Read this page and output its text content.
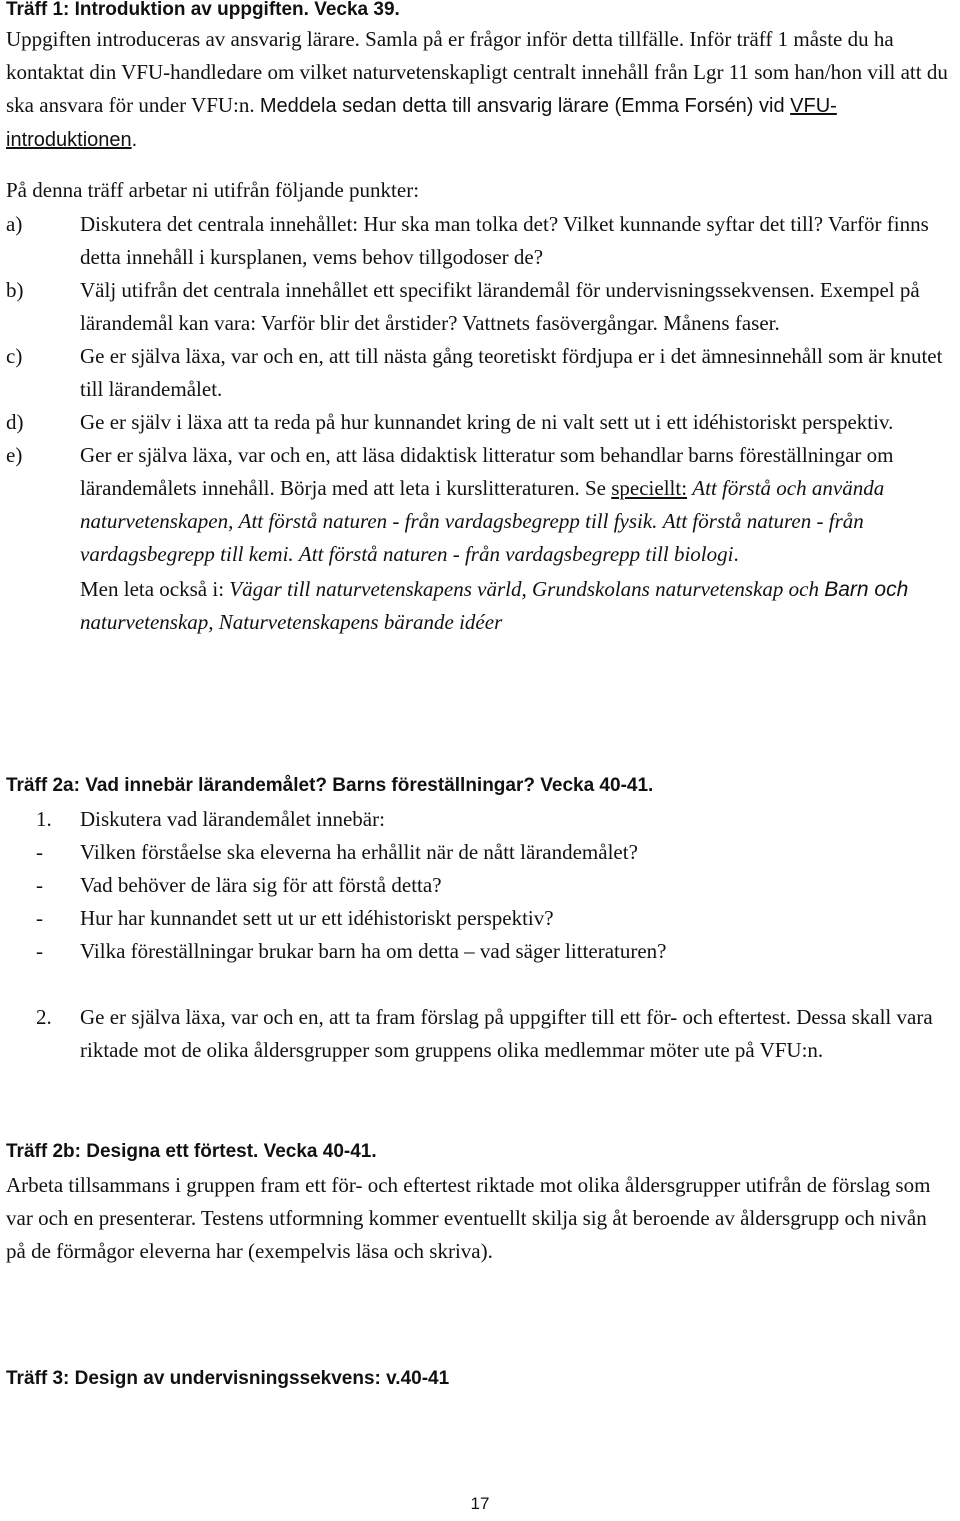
Träff 1: Introduktion av uppgiften. Vecka 39.

Uppgiften introduceras av ansvarig lärare. Samla på er frågor inför detta tillfälle. Inför träff 1 måste du ha kontaktat din VFU-handledare om vilket naturvetenskapligt centralt innehåll från Lgr 11 som han/hon vill att du ska ansvara för under VFU:n. Meddela sedan detta till ansvarig lärare (Emma Forsén) vid VFU-introduktionen.

På denna träff arbetar ni utifrån följande punkter:

a)	Diskutera det centrala innehållet: Hur ska man tolka det? Vilket kunnande syftar det till? Varför finns detta innehåll i kursplanen, vems behov tillgodoser de?
b)	Välj utifrån det centrala innehållet ett specifikt lärandemål för undervisningssekvensen. Exempel på lärandemål kan vara: Varför blir det årstider? Vattnets fasövergångar. Månens faser.
c)	Ge er själva läxa, var och en, att till nästa gång teoretiskt fördjupa er i det ämnesinnehåll som är knutet till lärandemålet.
d)	Ge er själv i läxa att ta reda på hur kunnandet kring de ni valt sett ut i ett idéhistoriskt perspektiv.
e)	Ger er själva läxa, var och en, att läsa didaktisk litteratur som behandlar barns föreställningar om lärandemålets innehåll. Börja med att leta i kurslitteraturen. Se speciellt: Att förstå och använda naturvetenskapen, Att förstå naturen - från vardagsbegrepp till fysik. Att förstå naturen - från vardagsbegrepp till kemi. Att förstå naturen - från vardagsbegrepp till biologi.
Men leta också i: Vägar till naturvetenskapens värld, Grundskolans naturvetenskap och Barn och naturvetenskap, Naturvetenskapens bärande idéer
Träff 2a: Vad innebär lärandemålet? Barns föreställningar? Vecka 40-41.
1.	Diskutera vad lärandemålet innebär:
-	Vilken förståelse ska eleverna ha erhållit när de nått lärandemålet?
-	Vad behöver de lära sig för att förstå detta?
-	Hur har kunnandet sett ut ur ett idéhistoriskt perspektiv?
-	Vilka föreställningar brukar barn ha om detta – vad säger litteraturen?
2.	Ge er själva läxa, var och en, att ta fram förslag på uppgifter till ett för- och eftertest. Dessa skall vara riktade mot de olika åldersgrupper som gruppens olika medlemmar möter ute på VFU:n.
Träff 2b: Designa ett förtest. Vecka 40-41.

Arbeta tillsammans i gruppen fram ett för- och eftertest riktade mot olika åldersgrupper utifrån de förslag som var och en presenterar. Testens utformning kommer eventuellt skilja sig åt beroende av åldersgrupp och nivån på de förmågor eleverna har (exempelvis läsa och skriva).

Träff 3: Design av undervisningssekvens: v.40-41
17
